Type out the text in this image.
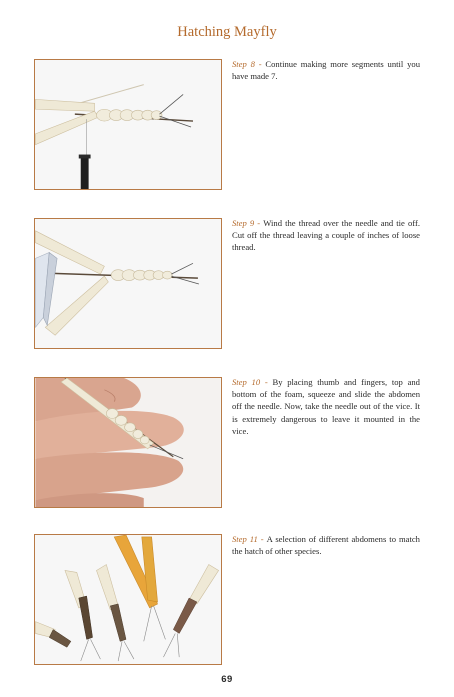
Hatching Mayfly
Step 8 - Continue making more segments until you have made 7.
Step 9 - Wind the thread over the needle and tie off. Cut off the thread leaving a couple of inches of loose thread.
Step 10 - By placing thumb and fingers, top and bottom of the foam, squeeze and slide the abdomen off the needle. Now, take the needle out of the vice. It is extremely dangerous to leave it mounted in the vice.
Step 11 - A selection of different abdomens to match the hatch of other species.
69
